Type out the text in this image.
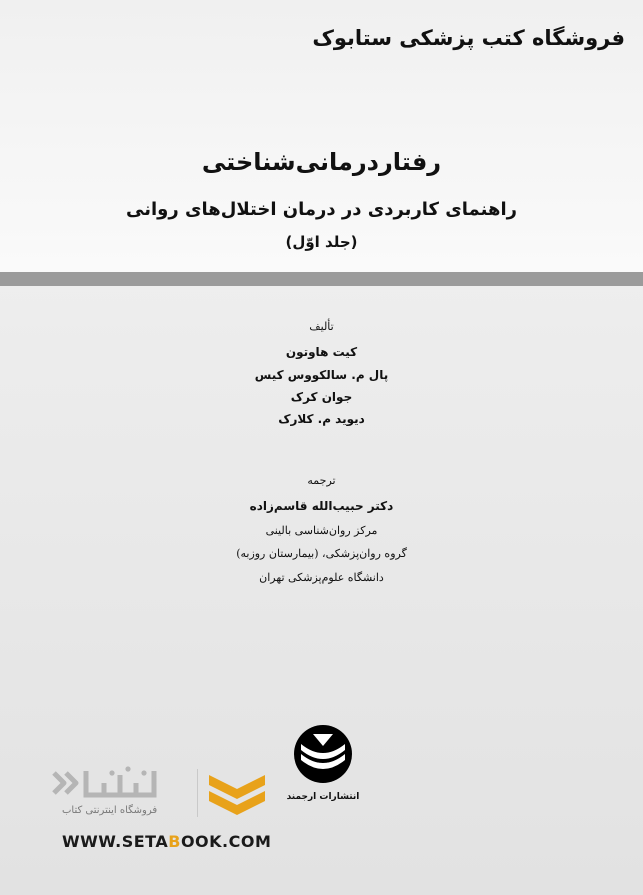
فروشگاه کتب پزشکی ستابوک
رفتاردرمانی‌شناختی
راهنمای کاربردی در درمان اختلال‌های روانی
(جلد اوّل)
تألیف
کیت هاوتون
پال م. سالکووس کیس
جوان کرک
دیوید م. کلارک
ترجمه
دکتر حبیب‌الله قاسم‌زاده
مرکز روان‌شناسی بالینی
گروه روان‌پزشکی، (بیمارستان روزبه)
دانشگاه علوم‌پزشکی تهران
انتشارات ارجمند
فروشگاه اینترنتی کتاب
WWW.SETABOOK.COM
